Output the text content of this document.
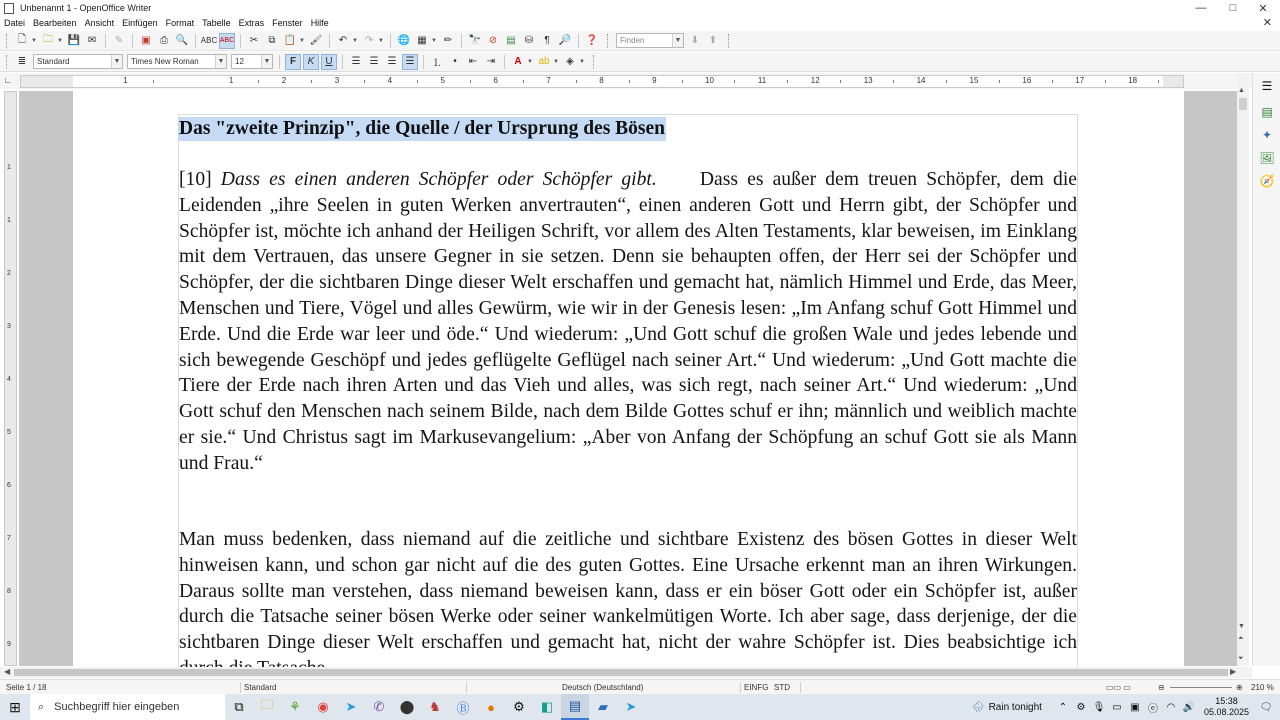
Unbenannt 1 - OpenOffice Writer	—	□	✕
Datei Bearbeiten Ansicht Einfügen Format Tabelle Extras Fenster Hilfe	✕
🗋 ▼ 🗀 ▼ 💾 ✉	✎	▣ ⎙ 🔍 ABC ABC	✂	⧉ 📋 ▼ 🖌	↶ ▼ ↷ ▼ 🌐 ▦ ▼ ✏	🔭 ⊘ ▤ ⛁	¶ 🔎 ❓	Finden	▼ ⬇ ⬆
≣	Standard	▼ Times New Roman	▼ 12	▼	F	K	U	☰ ☰ ☰ ☰	⒈	•	⇤ ⇥	A ▼ ab ▼ ◈ ▼
∟	1	1	2	3	4	5	6	7	8	9	10	11	12	13	14	15	16	17	18
1
1
2
3
4
5
6
7
8
9
Das "zweite Prinzip", die Quelle / der Ursprung des Bösen
[10] Dass es einen anderen Schöpfer oder Schöpfer gibt. Dass es außer dem treuen Schöpfer, dem die Leidenden „ihre Seelen in guten Werken anvertrauten“, einen anderen Gott und Herrn gibt, der Schöpfer und Schöpfer ist, möchte ich anhand der Heiligen Schrift, vor allem des Alten Testaments, klar beweisen, im Einklang mit dem Vertrauen, das unsere Gegner in sie setzen. Denn sie behaupten offen, der Herr sei der Schöpfer und Schöpfer, der die sichtbaren Dinge dieser Welt erschaffen und gemacht hat, nämlich Himmel und Erde, das Meer, Menschen und Tiere, Vögel und alles Gewürm, wie wir in der Genesis lesen: „Im Anfang schuf Gott Himmel und Erde. Und die Erde war leer und öde.“ Und wiederum: „Und Gott schuf die großen Wale und jedes lebende und sich bewegende Geschöpf und jedes geflügelte Geflügel nach seiner Art.“ Und wiederum: „Und Gott machte die Tiere der Erde nach ihren Arten und das Vieh und alles, was sich regt, nach seiner Art.“ Und wiederum: „Und Gott schuf den Menschen nach seinem Bilde, nach dem Bilde Gottes schuf er ihn; männlich und weiblich machte er sie.“ Und Christus sagt im Markusevangelium: „Aber von Anfang der Schöpfung an schuf Gott sie als Mann und Frau.“
Man muss bedenken, dass niemand auf die zeitliche und sichtbare Existenz des bösen Gottes in dieser Welt hinweisen kann, und schon gar nicht auf die des guten Gottes. Eine Ursache erkennt man an ihren Wirkungen. Daraus sollte man verstehen, dass niemand beweisen kann, dass er ein böser Gott oder ein Schöpfer ist, außer durch die Tatsache seiner bösen Werke oder seiner wankelmütigen Worte. Ich aber sage, dass derjenige, der die sichtbaren Dinge dieser Welt erschaffen und gemacht hat, nicht der wahre Schöpfer ist. Dies beabsichtige ich
▲
▼
⏶
⏷
☰
▤
✦
🖼
🧭
◀	▶
Seite 1 / 18	Standard	Deutsch (Deutschland)	EINFG STD	▭▭ ▭	⊖	⊕ 210 %
⊞	⌕ Suchbegriff hier eingeben	⧉	🗀	⚘	◉	➤	✆	⬤	♞	Ⓑ	●	⚙	◧	▤	▰	➤	🌧 Rain tonight	⌃ ⚙ 🎙 ▭ ▣ ⓔ ◠ 🔊
15:38
05.08.2025 🗨
